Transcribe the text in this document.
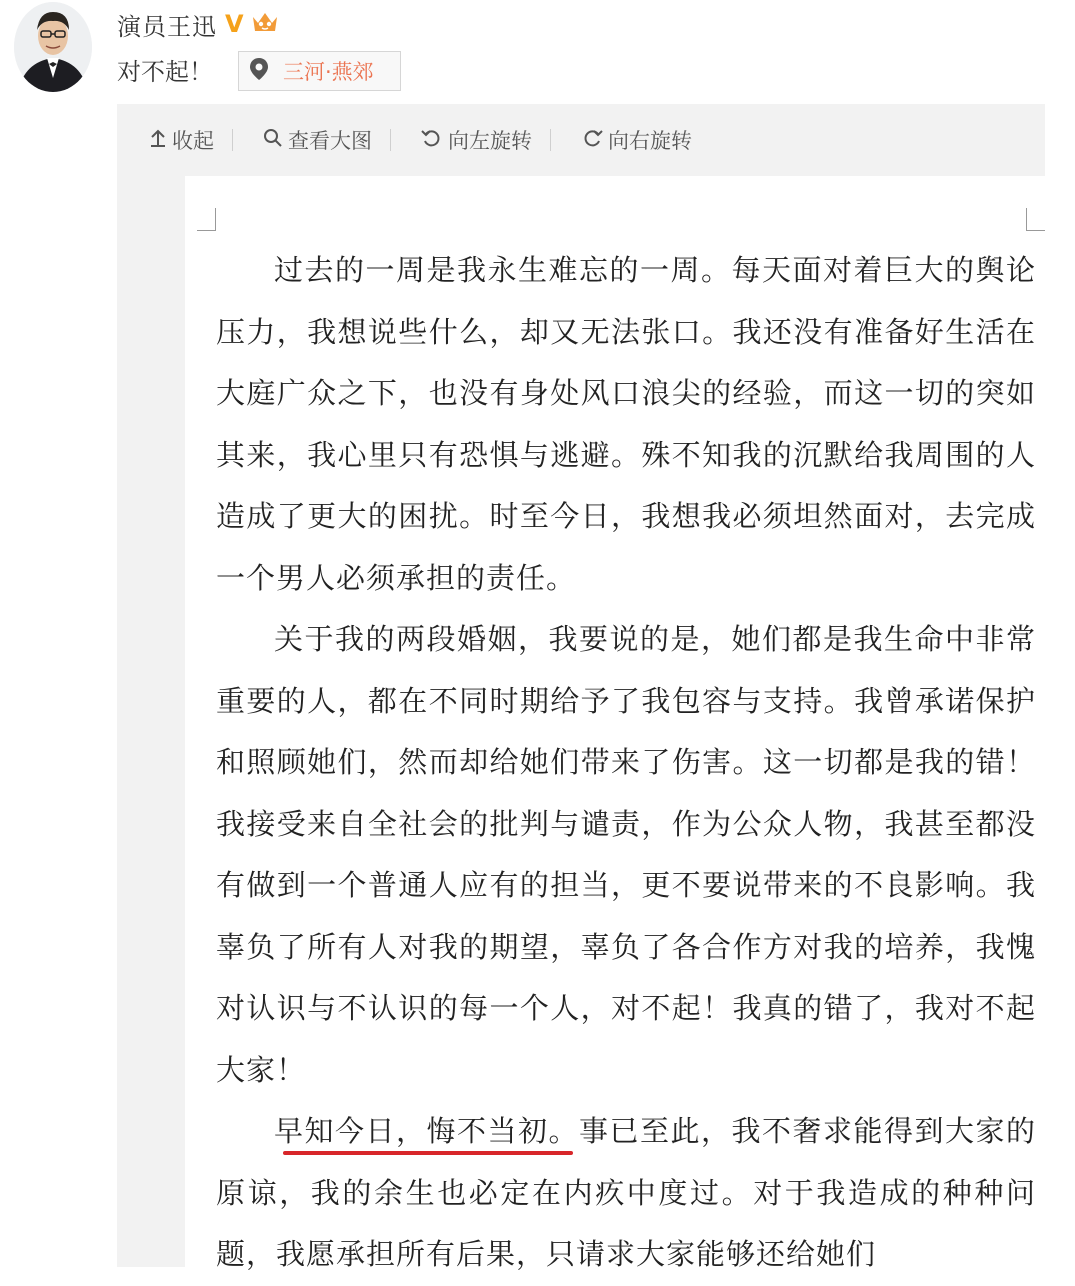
演员王迅 V
对不起！	三河·燕郊
收起	查看大图	向左旋转	向右旋转

过去的一周是我永生难忘的一周。每天面对着巨大的舆论压力，我想说些什么，却又无法张口。我还没有准备好生活在大庭广众之下，也没有身处风口浪尖的经验，而这一切的突如其来，我心里只有恐惧与逃避。殊不知我的沉默给我周围的人造成了更大的困扰。时至今日，我想我必须坦然面对，去完成一个男人必须承担的责任。

关于我的两段婚姻，我要说的是，她们都是我生命中非常重要的人，都在不同时期给予了我包容与支持。我曾承诺保护和照顾她们，然而却给她们带来了伤害。这一切都是我的错！我接受来自全社会的批判与谴责，作为公众人物，我甚至都没有做到一个普通人应有的担当，更不要说带来的不良影响。我辜负了所有人对我的期望，辜负了各合作方对我的培养，我愧对认识与不认识的每一个人，对不起！我真的错了，我对不起大家！

早知今日，悔不当初。事已至此，我不奢求能得到大家的原谅，我的余生也必定在内疚中度过。对于我造成的种种问题，我愿承担所有后果，只请求大家能够还给她们
